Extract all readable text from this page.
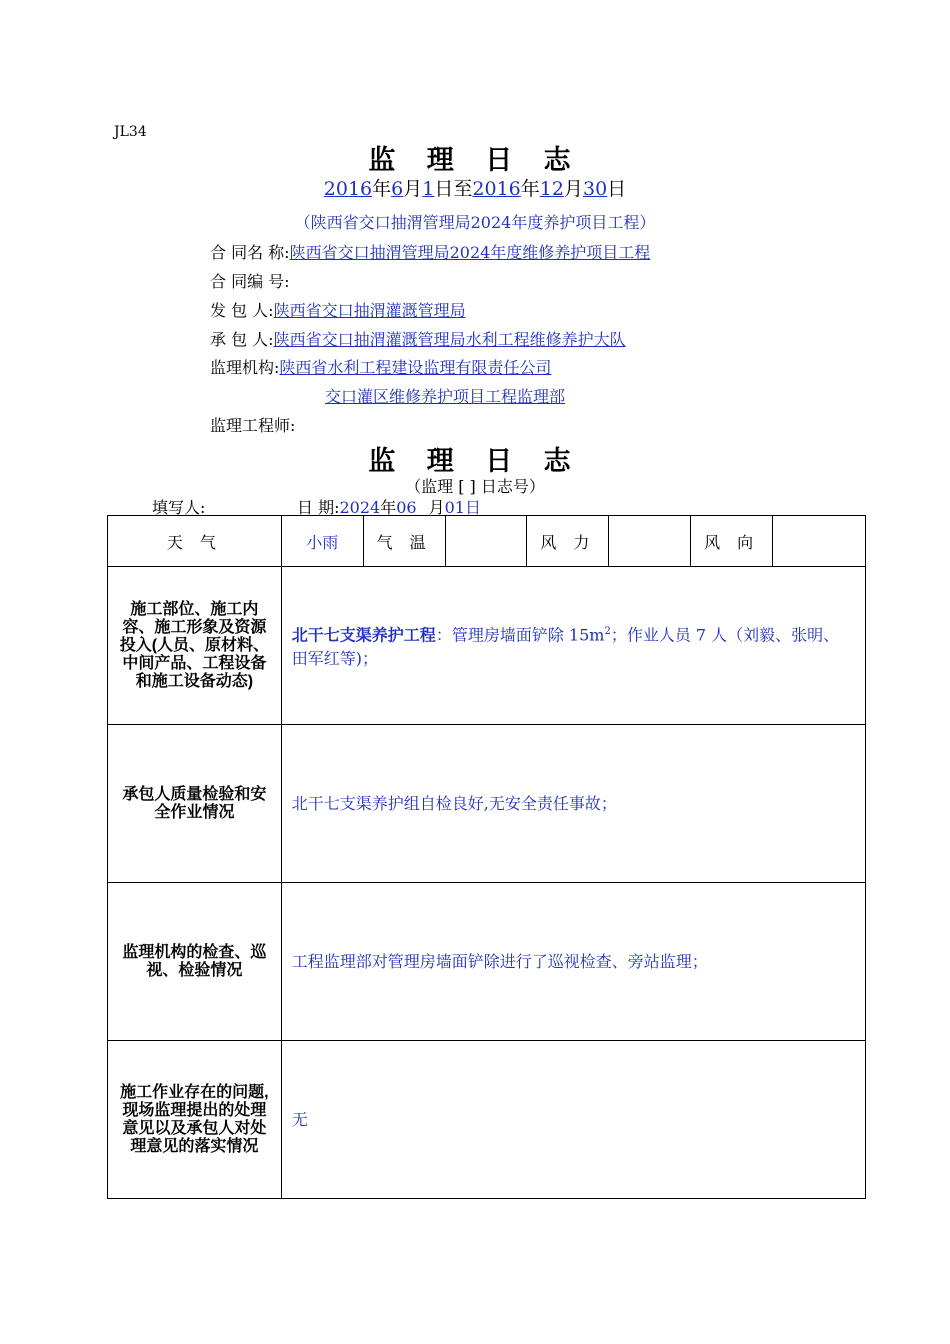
JL34
监 理 日 志
2016年6月1日至2016年12月30日
（陕西省交口抽渭管理局2024年度养护项目工程）
合 同名 称:陕西省交口抽渭管理局2024年度维修养护项目工程
合 同编 号:
发 包 人:陕西省交口抽渭灌溉管理局
承 包 人:陕西省交口抽渭灌溉管理局水利工程维修养护大队
监理机构:陕西省水利工程建设监理有限责任公司
交口灌区维修养护项目工程监理部
监理工程师:
监 理 日 志
（监理 [ ] 日志号）
填写人:	日 期:2024年06 月01日
天 气	小雨	气 温		风 力		风 向	
施工部位、施工内容、施工形象及资源投入(人员、原材料、中间产品、工程设备和施工设备动态)	北干七支渠养护工程：管理房墙面铲除 $15m^2$；作业人员 7 人（刘毅、张明、田军红等)；						
承包人质量检验和安全作业情况	北干七支渠养护组自检良好,无安全责任事故；						
监理机构的检查、巡视、检验情况	工程监理部对管理房墙面铲除进行了巡视检查、旁站监理；						
施工作业存在的问题,现场监理提出的处理意见以及承包人对处理意见的落实情况	无						
